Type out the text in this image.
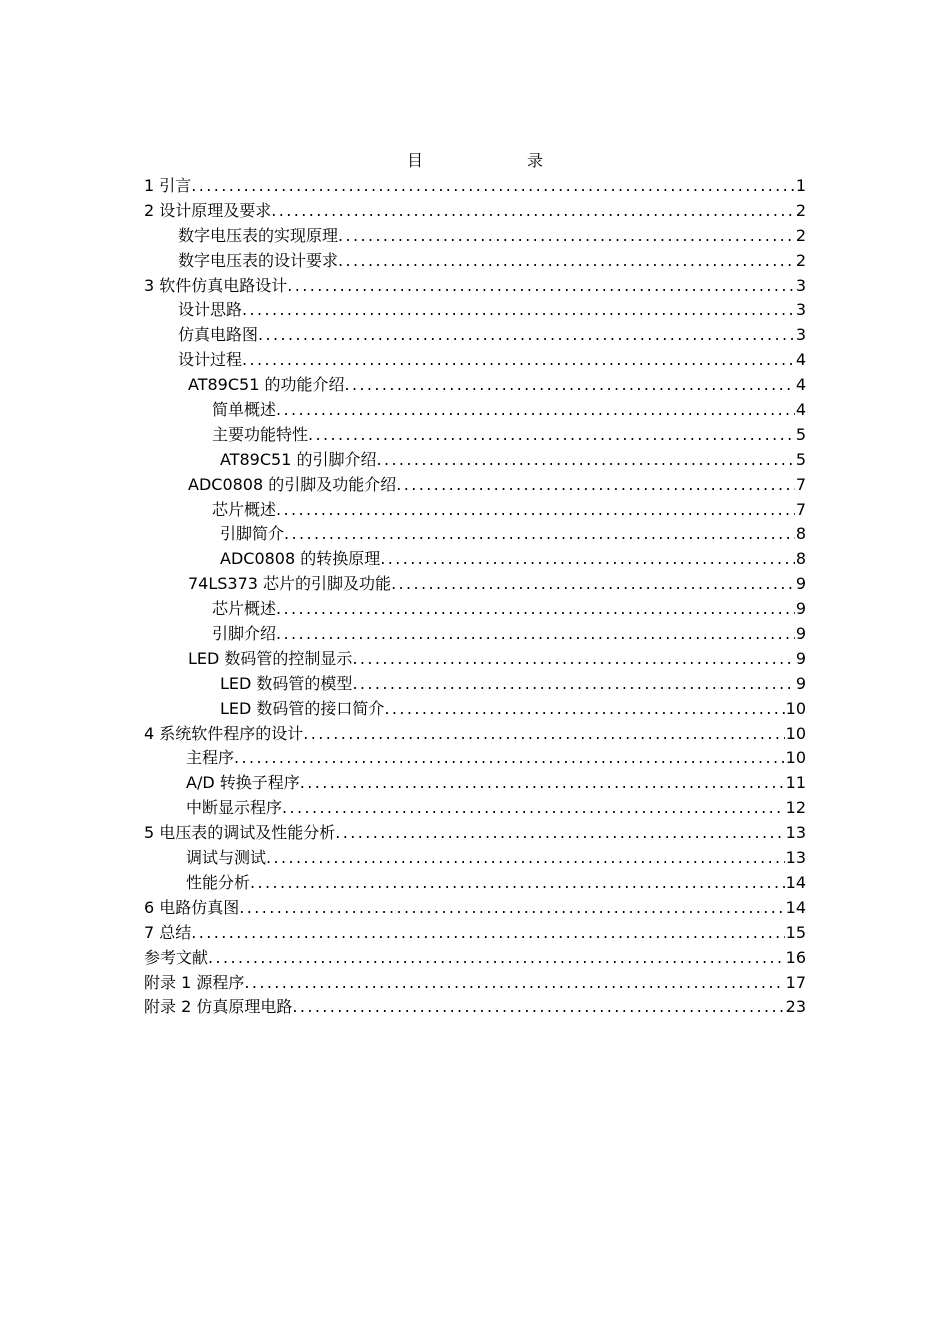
目　录
1 引言 .....	1
2 设计原理及要求 .....	2
数字电压表的实现原理 .....	2
数字电压表的设计要求 .....	2
3 软件仿真电路设计 .....	3
设计思路 .....	3
仿真电路图 .....	3
设计过程 .....	4
AT89C51 的功能介绍 .....	4
简单概述 .....	4
主要功能特性 .....	5
AT89C51 的引脚介绍 .....	5
ADC0808 的引脚及功能介绍 .....	7
芯片概述 .....	7
引脚简介 .....	8
ADC0808 的转换原理 .....	8
74LS373 芯片的引脚及功能 .....	9
芯片概述 .....	9
引脚介绍 .....	9
LED 数码管的控制显示 .....	9
LED 数码管的模型 .....	9
LED 数码管的接口简介 .....	10
4 系统软件程序的设计 .....	10
主程序 .....	10
A/D 转换子程序 .....	11
中断显示程序 .....	12
5 电压表的调试及性能分析 .....	13
调试与测试 .....	13
性能分析 .....	14
6 电路仿真图 .....	14
7 总结 .....	15
参考文献 .....	16
附录 1 源程序 .....	17
附录 2 仿真原理电路 .....	23
